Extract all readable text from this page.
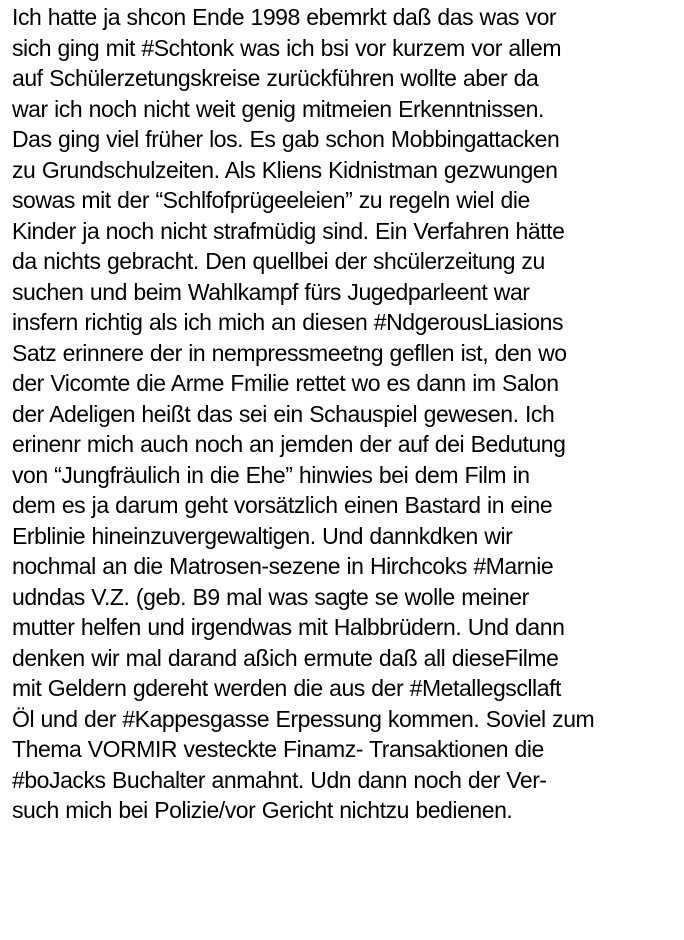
Ich hatte ja shcon Ende 1998 ebemrkt daß das was vor
sich ging mit #Schtonk was ich bsi vor kurzem vor allem
auf Schülerzetungskreise zurückführen wollte aber da
war ich noch nicht weit genig mitmeien Erkenntnissen.
Das ging viel früher los. Es gab schon Mobbingattacken
zu Grundschulzeiten. Als Kliens Kidnistman gezwungen
sowas mit der “Schlfofprügeeleien” zu regeln wiel die
Kinder ja noch nicht strafmüdig sind. Ein Verfahren hätte
da nichts gebracht. Den quellbei der shcülerzeitung zu
suchen und beim Wahlkampf fürs Jugedparleent war
insfern richtig als ich mich an diesen #NdgerousLiasions
Satz erinnere der in nempressmeetng gefllen ist, den wo
der Vicomte die Arme Fmilie rettet wo es dann im Salon
der Adeligen heißt das sei ein Schauspiel gewesen. Ich
erinenr mich auch noch an jemden der auf dei Bedutung
von “Jungfräulich in die Ehe” hinwies bei dem Film in
dem es ja darum geht vorsätzlich einen Bastard in eine
Erblinie hineinzuvergewaltigen. Und dannkdken wir
nochmal an die Matrosen-sezene in Hirchcoks #Marnie
udndas V.Z. (geb. B9 mal was sagte se wolle meiner
mutter helfen und irgendwas mit Halbbrüdern. Und dann
denken wir mal darand aßich ermute daß all dieseFilme
mit Geldern gdereht werden die aus der #Metallegscllaft
Öl und der #Kappesgasse Erpessung kommen. Soviel zum
Thema VORMIR vesteckte Finamz- Transaktionen die
#boJacks Buchalter anmahnt. Udn dann noch der Ver-
such mich bei Polizie/vor Gericht nichtzu bedienen.
